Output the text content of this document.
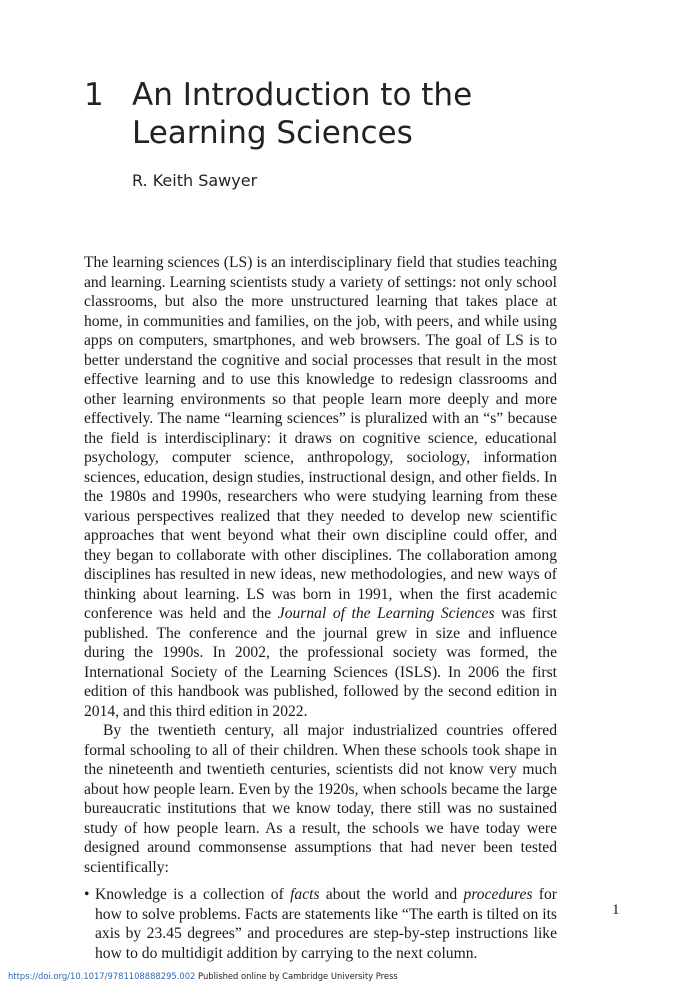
1 An Introduction to the
Learning Sciences
R. Keith Sawyer

The learning sciences (LS) is an interdisciplinary field that studies teaching and learning. Learning scientists study a variety of settings: not only school classrooms, but also the more unstructured learning that takes place at home, in communities and families, on the job, with peers, and while using apps on computers, smartphones, and web browsers. The goal of LS is to better understand the cognitive and social processes that result in the most effective learning and to use this knowledge to redesign classrooms and other learning environments so that people learn more deeply and more effectively. The name “learning sciences” is pluralized with an “s” because the field is interdisciplinary: it draws on cognitive science, educational psychology, computer science, anthropology, sociology, information sciences, education, design studies, instructional design, and other fields. In the 1980s and 1990s, researchers who were studying learning from these various perspectives realized that they needed to develop new scientific approaches that went beyond what their own discipline could offer, and they began to collaborate with other disciplines. The collaboration among disciplines has resulted in new ideas, new methodologies, and new ways of thinking about learning. LS was born in 1991, when the first academic conference was held and the Journal of the Learning Sciences was first published. The conference and the journal grew in size and influence during the 1990s. In 2002, the professional society was formed, the International Society of the Learning Sciences (ISLS). In 2006 the first edition of this handbook was published, followed by the second edition in 2014, and this third edition in 2022.

By the twentieth century, all major industrialized countries offered formal schooling to all of their children. When these schools took shape in the nineteenth and twentieth centuries, scientists did not know very much about how people learn. Even by the 1920s, when schools became the large bureaucratic institutions that we know today, there still was no sustained study of how people learn. As a result, the schools we have today were designed around commonsense assumptions that had never been tested scientifically:

• Knowledge is a collection of facts about the world and procedures for how to solve problems. Facts are statements like “The earth is tilted on its axis by 23.45 degrees” and procedures are step-by-step instructions like how to do multidigit addition by carrying to the next column.
1
https://doi.org/10.1017/9781108888295.002 Published online by Cambridge University Press
